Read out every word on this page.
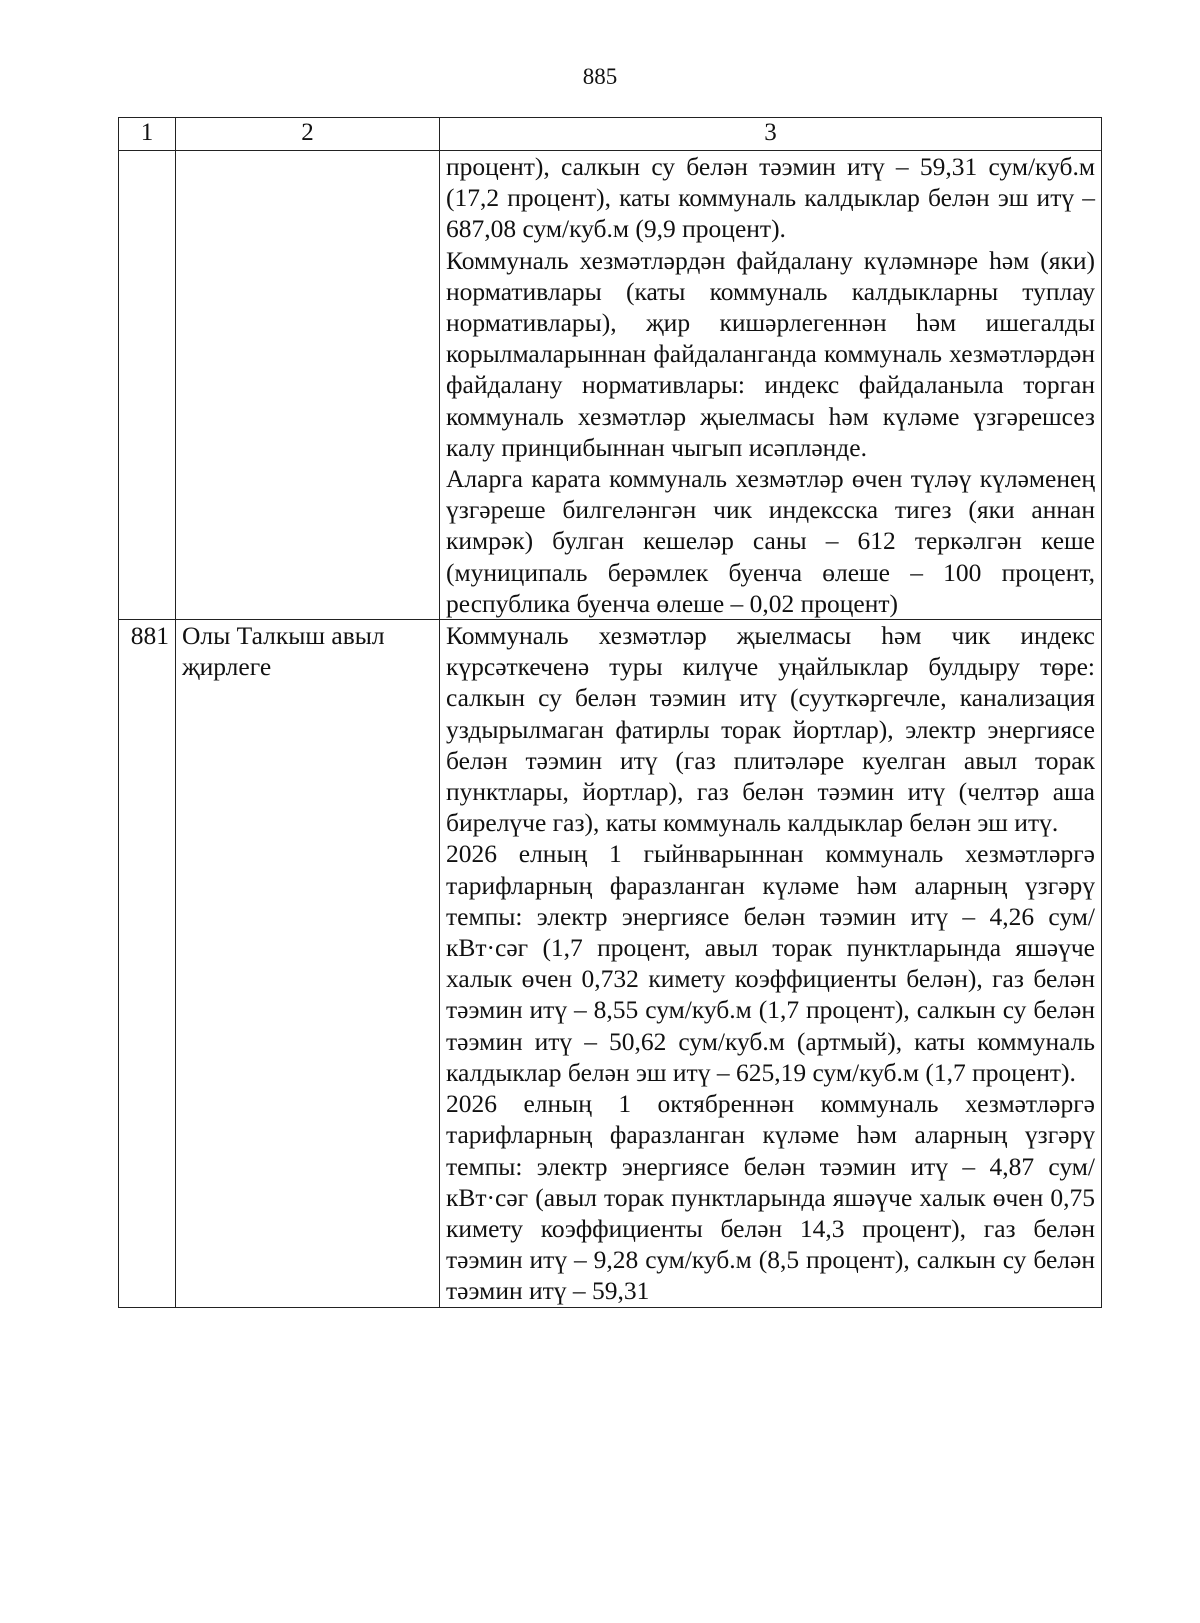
885
1	2	3

		процент), салкын су белән тәэмин итү – 59,31 сум/куб.м (17,2 процент), каты коммуналь калдыклар белән эш итү – 687,08 сум/куб.м (9,9 процент).

Коммуналь хезмәтләрдән файдалану күләмнәре һәм (яки) нормативлары (каты коммуналь калдыкларны туплау нормативлары), җир кишәрлегеннән һәм ишегалды корылмаларыннан файдаланганда коммуналь хезмәтләрдән файдалану нормативлары: индекс файдаланыла торган коммуналь хезмәтләр җыелмасы һәм күләме үзгәрешсез калу принцибыннан чыгып исәпләнде.

Аларга карата коммуналь хезмәтләр өчен түләү күләменең үзгәреше билгеләнгән чик индексска тигез (яки аннан кимрәк) булган кешеләр саны – 612 теркәлгән кеше (муниципаль берәмлек буенча өлеше – 100 процент, республика буенча өлеше – 0,02 процент)

881	Олы Талкыш авыл җирлеге	Коммуналь хезмәтләр җыелмасы һәм чик индекс күрсәткеченә туры килүче уңайлыклар булдыру төре: салкын су белән тәэмин итү (сууткәргечле, канализация уздырылмаган фатирлы торак йортлар), электр энергиясе белән тәэмин итү (газ плитәләре куелган авыл торак пунктлары, йортлар), газ белән тәэмин итү (челтәр аша бирелүче газ), каты коммуналь калдыклар белән эш итү.

2026 елның 1 гыйнварыннан коммуналь хезмәтләргә тарифларның фаразланган күләме һәм аларның үзгәрү темпы: электр энергиясе белән тәэмин итү – 4,26 сум/кВт·сәг (1,7 процент, авыл торак пунктларында яшәүче халык өчен 0,732 кимету коэффициенты белән), газ белән тәэмин итү – 8,55 сум/куб.м (1,7 процент), салкын су белән тәэмин итү – 50,62 сум/куб.м (артмый), каты коммуналь калдыклар белән эш итү – 625,19 сум/куб.м (1,7 процент).

2026 елның 1 октябреннән коммуналь хезмәтләргә тарифларның фаразланган күләме һәм аларның үзгәрү темпы: электр энергиясе белән тәэмин итү – 4,87 сум/кВт·сәг (авыл торак пунктларында яшәүче халык өчен 0,75 кимету коэффициенты белән 14,3 процент), газ белән тәэмин итү – 9,28 сум/куб.м (8,5 процент), салкын су белән тәэмин итү – 59,31
